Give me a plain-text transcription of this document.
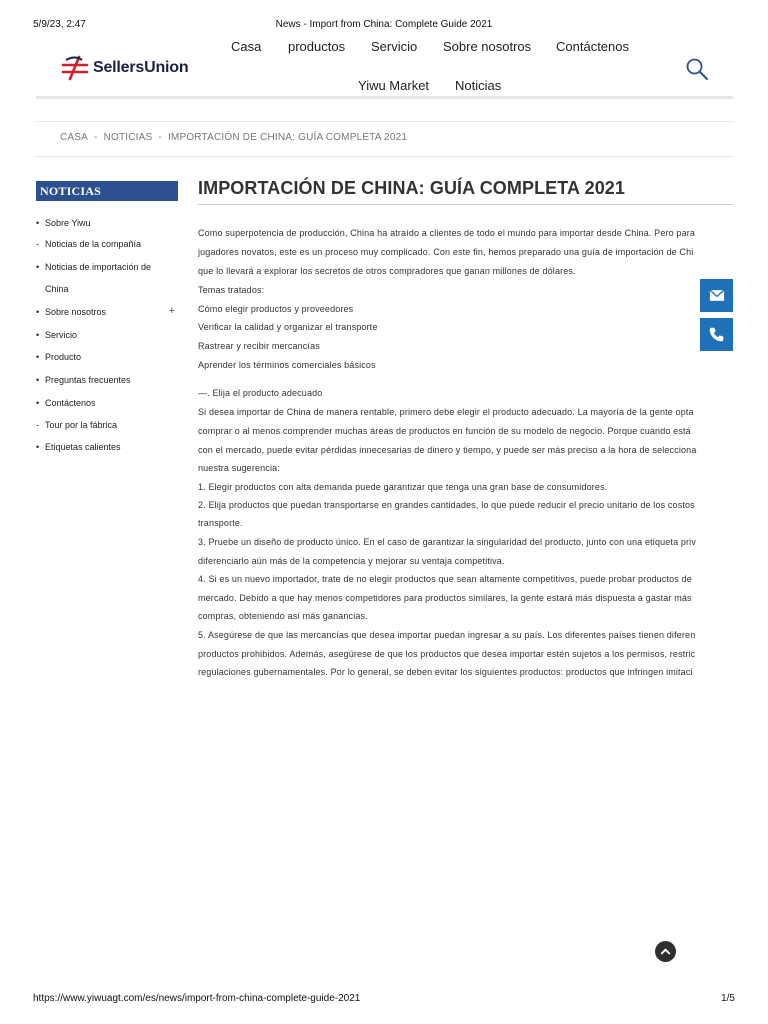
5/9/23, 2:47	News - Import from China: Complete Guide 2021
SellersUnion
Casa productos Servicio Sobre nosotros Contáctenos
Yiwu Market Noticias
CASA - NOTICIAS - IMPORTACIÓN DE CHINA: GUÍA COMPLETA 2021
NOTICIAS
• Sobre Yiwu
- Noticias de la compañía
• Noticias de importación de
China
• Sobre nosotros	+
• Servicio
• Producto
• Preguntas frecuentes
• Contáctenos
- Tour por la fábrica
• Etiquetas calientes
IMPORTACIÓN DE CHINA: GUÍA COMPLETA 2021

Como superpotencia de producción, China ha atraído a clientes de todo el mundo para importar desde China. Pero para

jugadores novatos, este es un proceso muy complicado. Con este fin, hemos preparado una guía de importación de Chi

que lo llevará a explorar los secretos de otros compradores que ganan millones de dólares.

Temas tratados:

Cómo elegir productos y proveedores

Verificar la calidad y organizar el transporte

Rastrear y recibir mercancías

Aprender los términos comerciales básicos

—. Elija el producto adecuado

Si desea importar de China de manera rentable, primero debe elegir el producto adecuado. La mayoría de la gente opta

comprar o al menos comprender muchas áreas de productos en función de su modelo de negocio. Porque cuando está

con el mercado, puede evitar pérdidas innecesarias de dinero y tiempo, y puede ser más preciso a la hora de selecciona

nuestra sugerencia:

1. Elegir productos con alta demanda puede garantizar que tenga una gran base de consumidores.

2. Elija productos que puedan transportarse en grandes cantidades, lo que puede reducir el precio unitario de los costos

transporte.

3. Pruebe un diseño de producto único. En el caso de garantizar la singularidad del producto, junto con una etiqueta priv

diferenciarlo aún más de la competencia y mejorar su ventaja competitiva.

4. Si es un nuevo importador, trate de no elegir productos que sean altamente competitivos, puede probar productos de

mercado. Debido a que hay menos competidores para productos similares, la gente estará más dispuesta a gastar más

compras, obteniendo así más ganancias.

5. Asegúrese de que las mercancías que desea importar puedan ingresar a su país. Los diferentes países tienen diferen

productos prohibidos. Además, asegúrese de que los productos que desea importar estén sujetos a los permisos, restric

regulaciones gubernamentales. Por lo general, se deben evitar los siguientes productos: productos que infringen imitaci

https://www.yiwuagt.com/es/news/import-from-china-complete-guide-2021	1/5
